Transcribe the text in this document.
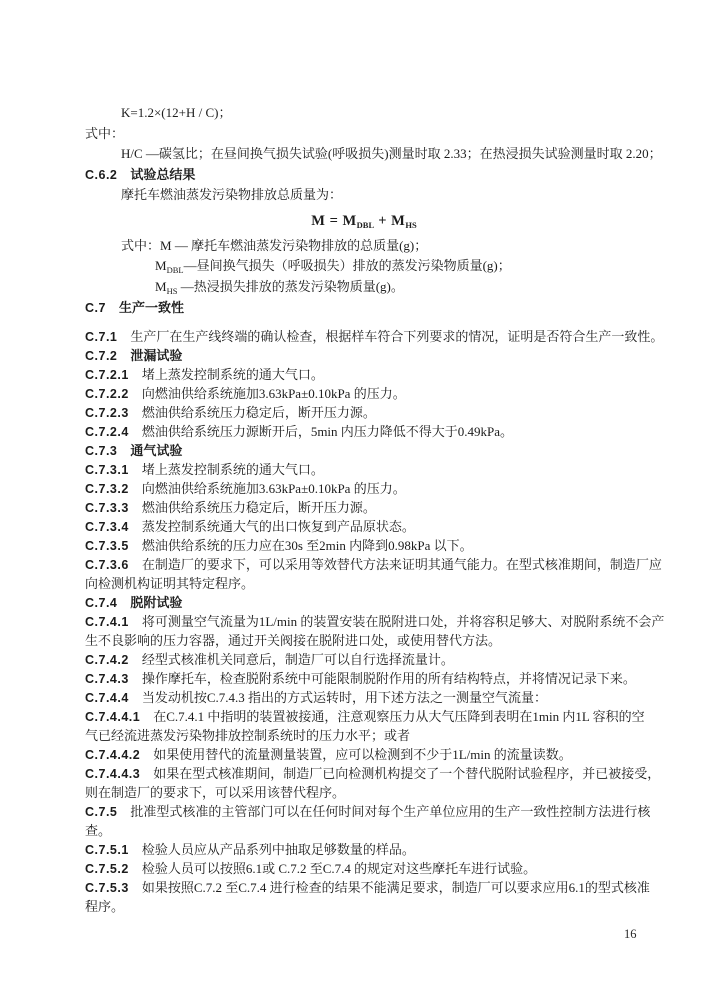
K=1.2×(12+H / C)；
式中：
H/C —碳氢比；在昼间换气损失试验(呼吸损失)测量时取 2.33；在热浸损失试验测量时取 2.20；
C.6.2 试验总结果
摩托车燃油蒸发污染物排放总质量为：
$M = M_{DBL} + M_{HS}$
式中：M — 摩托车燃油蒸发污染物排放的总质量(g)；
$M_{DBL}—$昼间换气损失（呼吸损失）排放的蒸发污染物质量(g)；
$M_{HS}$ —热浸损失排放的蒸发污染物质量(g)。
C.7 生产一致性
C.7.1 生产厂在生产线终端的确认检查，根据样车符合下列要求的情况，证明是否符合生产一致性。
C.7.2 泄漏试验
C.7.2.1 堵上蒸发控制系统的通大气口。
C.7.2.2 向燃油供给系统施加3.63kPa±0.10kPa 的压力。
C.7.2.3 燃油供给系统压力稳定后，断开压力源。
C.7.2.4 燃油供给系统压力源断开后，5min 内压力降低不得大于0.49kPa。
C.7.3 通气试验
C.7.3.1 堵上蒸发控制系统的通大气口。
C.7.3.2 向燃油供给系统施加3.63kPa±0.10kPa 的压力。
C.7.3.3 燃油供给系统压力稳定后，断开压力源。
C.7.3.4 蒸发控制系统通大气的出口恢复到产品原状态。
C.7.3.5 燃油供给系统的压力应在30s 至2min 内降到0.98kPa 以下。
C.7.3.6 在制造厂的要求下，可以采用等效替代方法来证明其通气能力。在型式核准期间，制造厂应
向检测机构证明其特定程序。
C.7.4 脱附试验
C.7.4.1 将可测量空气流量为1L/min 的装置安装在脱附进口处，并将容积足够大、对脱附系统不会产
生不良影响的压力容器，通过开关阀接在脱附进口处，或使用替代方法。
C.7.4.2 经型式核准机关同意后，制造厂可以自行选择流量计。
C.7.4.3 操作摩托车，检查脱附系统中可能限制脱附作用的所有结构特点，并将情况记录下来。
C.7.4.4 当发动机按C.7.4.3 指出的方式运转时，用下述方法之一测量空气流量：
C.7.4.4.1 在C.7.4.1 中指明的装置被接通，注意观察压力从大气压降到表明在1min 内1L 容积的空
气已经流进蒸发污染物排放控制系统时的压力水平；或者
C.7.4.4.2 如果使用替代的流量测量装置，应可以检测到不少于1L/min 的流量读数。
C.7.4.4.3 如果在型式核准期间，制造厂已向检测机构提交了一个替代脱附试验程序，并已被接受，
则在制造厂的要求下，可以采用该替代程序。
C.7.5 批准型式核准的主管部门可以在任何时间对每个生产单位应用的生产一致性控制方法进行核
查。
C.7.5.1 检验人员应从产品系列中抽取足够数量的样品。
C.7.5.2 检验人员可以按照6.1或 C.7.2 至C.7.4 的规定对这些摩托车进行试验。
C.7.5.3 如果按照C.7.2 至C.7.4 进行检查的结果不能满足要求，制造厂可以要求应用6.1的型式核准
程序。
16
